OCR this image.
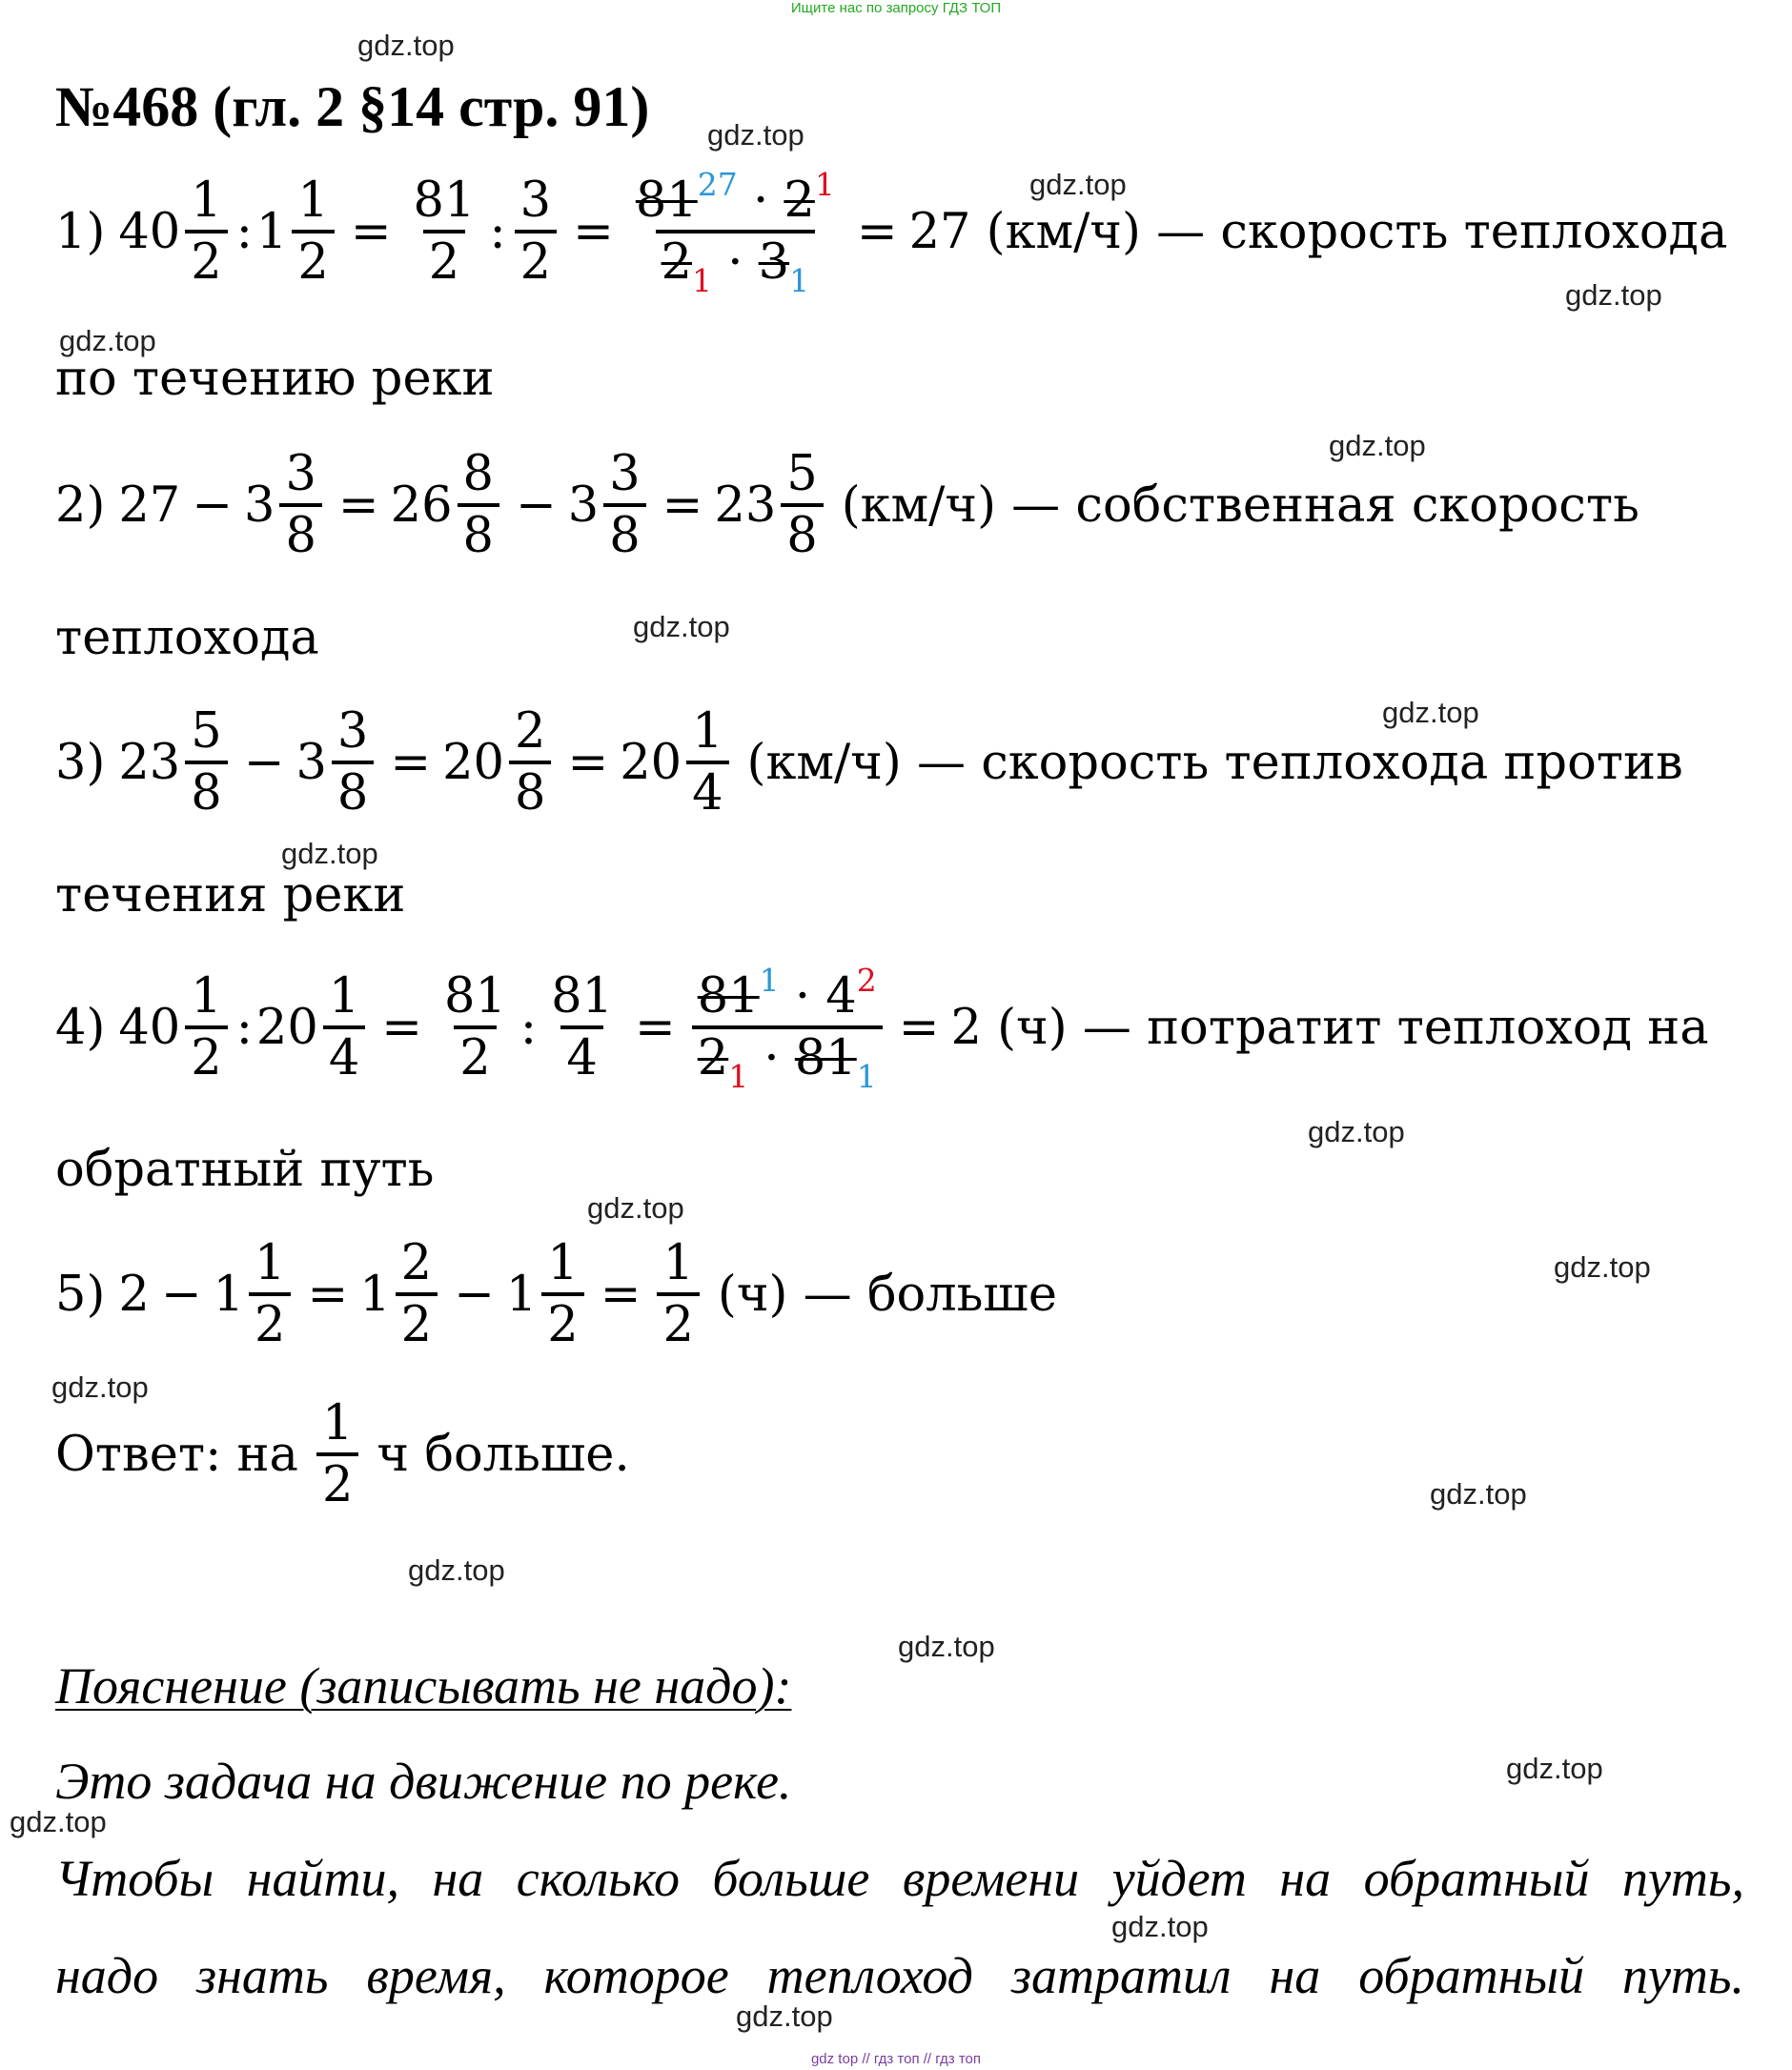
Ищите нас по запросу ГДЗ ТОП
№468 (гл. 2 §14 стр. 91)
1) $40 \frac{1}{2}$ : $1 \frac{1}{2} = \frac{81}{2}$ : $\frac{3}{2} = \frac{81^{27} \cdot 2^1}{2_1 \cdot 3_1} = 27$ (км/ч) — скорость теплохода
по течению реки
2) $27 - 3 \frac{3}{8} = 26 \frac{8}{8} - 3 \frac{3}{8} = 23 \frac{5}{8} (км/ч)$ — собственная скорость
теплохода
3) $23 \frac{5}{8} - 3 \frac{3}{8} = 20 \frac{2}{8} = 20 \frac{1}{4} (км/ч)$ — скорость теплохода против
течения реки
4) $40 \frac{1}{2}$ : $20 \frac{1}{4} = \frac{81}{2}$ : $\frac{81}{4} = \frac{81^1 \cdot 4^2}{2_1 \cdot 81_1} = 2$ (ч) — потратит теплоход на
обратный путь
5) $2 - 1 \frac{1}{2} = 1 \frac{2}{2} - 1 \frac{1}{2} = \frac{1}{2} (ч)$ — больше
Ответ: на $\frac{1}{2}$ ч больше.
Пояснение (записывать не надо):
Это задача на движение по реке.
Чтобы найти, на сколько больше времени уйдет на обратный путь,
надо знать время, которое теплоход затратил на обратный путь.
gdz.top
gdz.top
gdz.top
gdz.top
gdz.top
gdz.top
gdz.top
gdz.top
gdz.top
gdz.top
gdz.top
gdz.top
gdz.top
gdz.top
gdz.top
gdz.top
gdz.top
gdz.top
gdz.top
gdz.top
gdz top // гдз топ // гдз топ
